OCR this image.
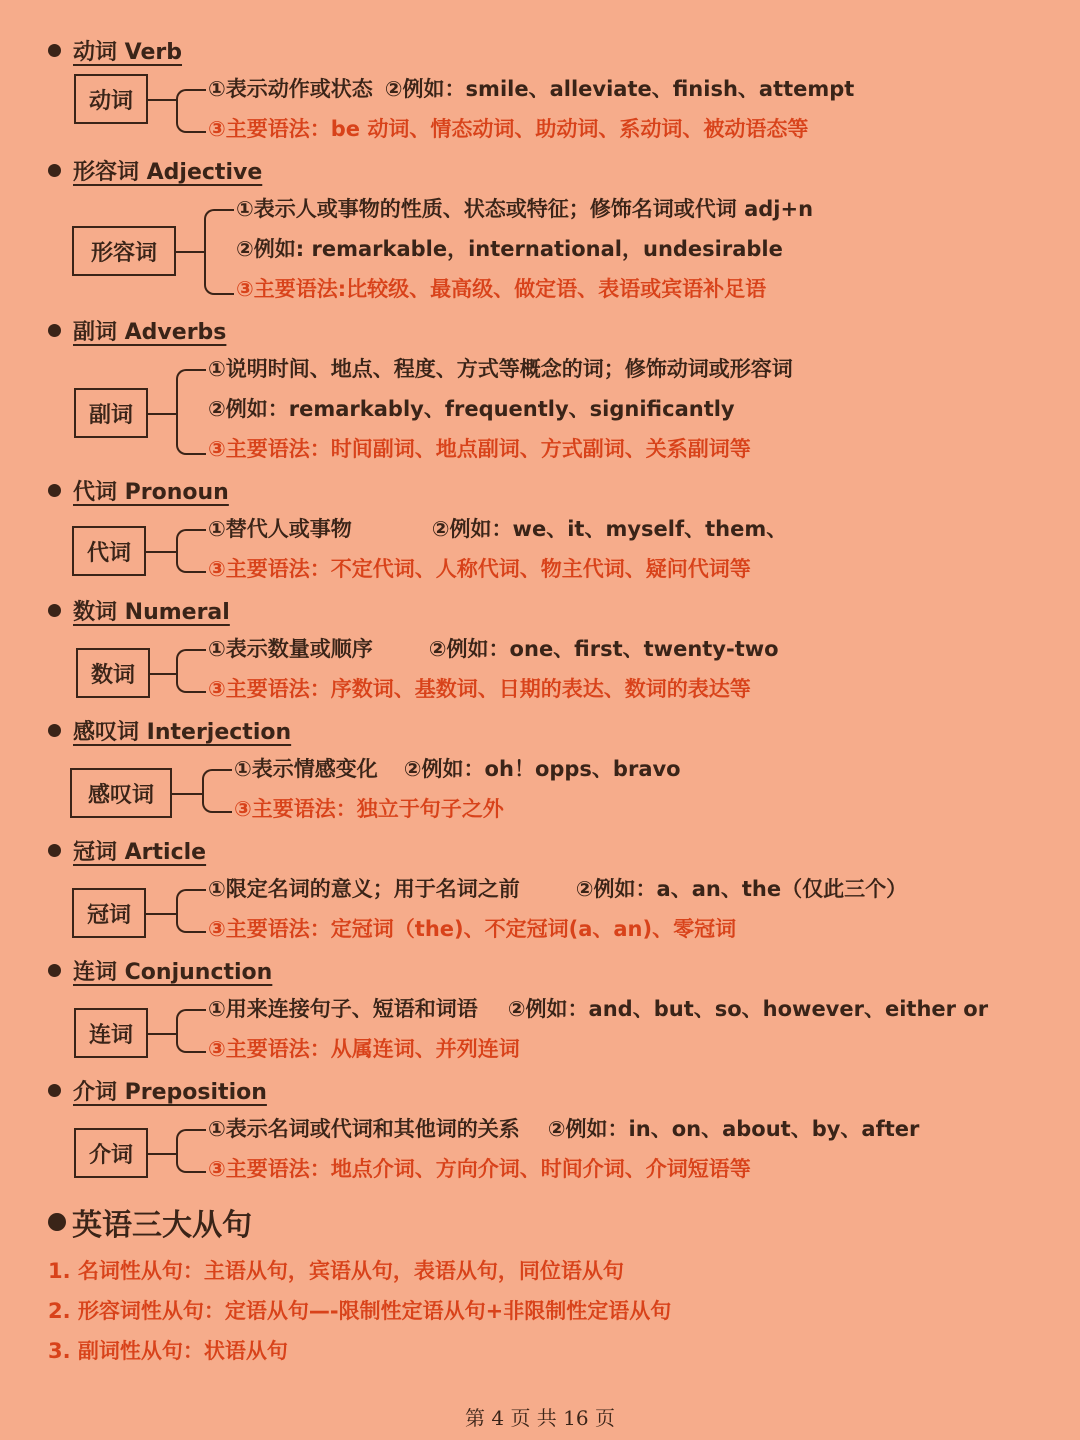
动词 Verb
动词	①表示动作或状态 ②例如：smile、alleviate、finish、attempt
③主要语法：be 动词、情态动词、助动词、系动词、被动语态等
形容词 Adjective
形容词
①表示人或事物的性质、状态或特征；修饰名词或代词 adj+n
②例如: remarkable，international，undesirable
③主要语法:比较级、最高级、做定语、表语或宾语补足语
副词 Adverbs
副词
①说明时间、地点、程度、方式等概念的词；修饰动词或形容词
②例如：remarkably、frequently、significantly
③主要语法：时间副词、地点副词、方式副词、关系副词等
代词 Pronoun
代词
①替代人或事物	②例如：we、it、myself、them、
③主要语法：不定代词、人称代词、物主代词、疑问代词等
数词 Numeral
数词
①表示数量或顺序	②例如：one、first、twenty-two
③主要语法：序数词、基数词、日期的表达、数词的表达等
感叹词 Interjection
感叹词
①表示情感变化 ②例如：oh！opps、bravo
③主要语法：独立于句子之外
冠词 Article
冠词
①限定名词的意义；用于名词之前	②例如：a、an、the（仅此三个）
③主要语法：定冠词（the)、不定冠词(a、an)、零冠词
连词 Conjunction
连词
①用来连接句子、短语和词语 ②例如：and、but、so、however、either or
③主要语法：从属连词、并列连词
介词 Preposition
介词
①表示名词或代词和其他词的关系 ②例如：in、on、about、by、after
③主要语法：地点介词、方向介词、时间介词、介词短语等
英语三大从句
1. 名词性从句：主语从句，宾语从句，表语从句，同位语从句
2. 形容词性从句：定语从句—-限制性定语从句+非限制性定语从句
3. 副词性从句：状语从句
第 4 页 共 16 页
